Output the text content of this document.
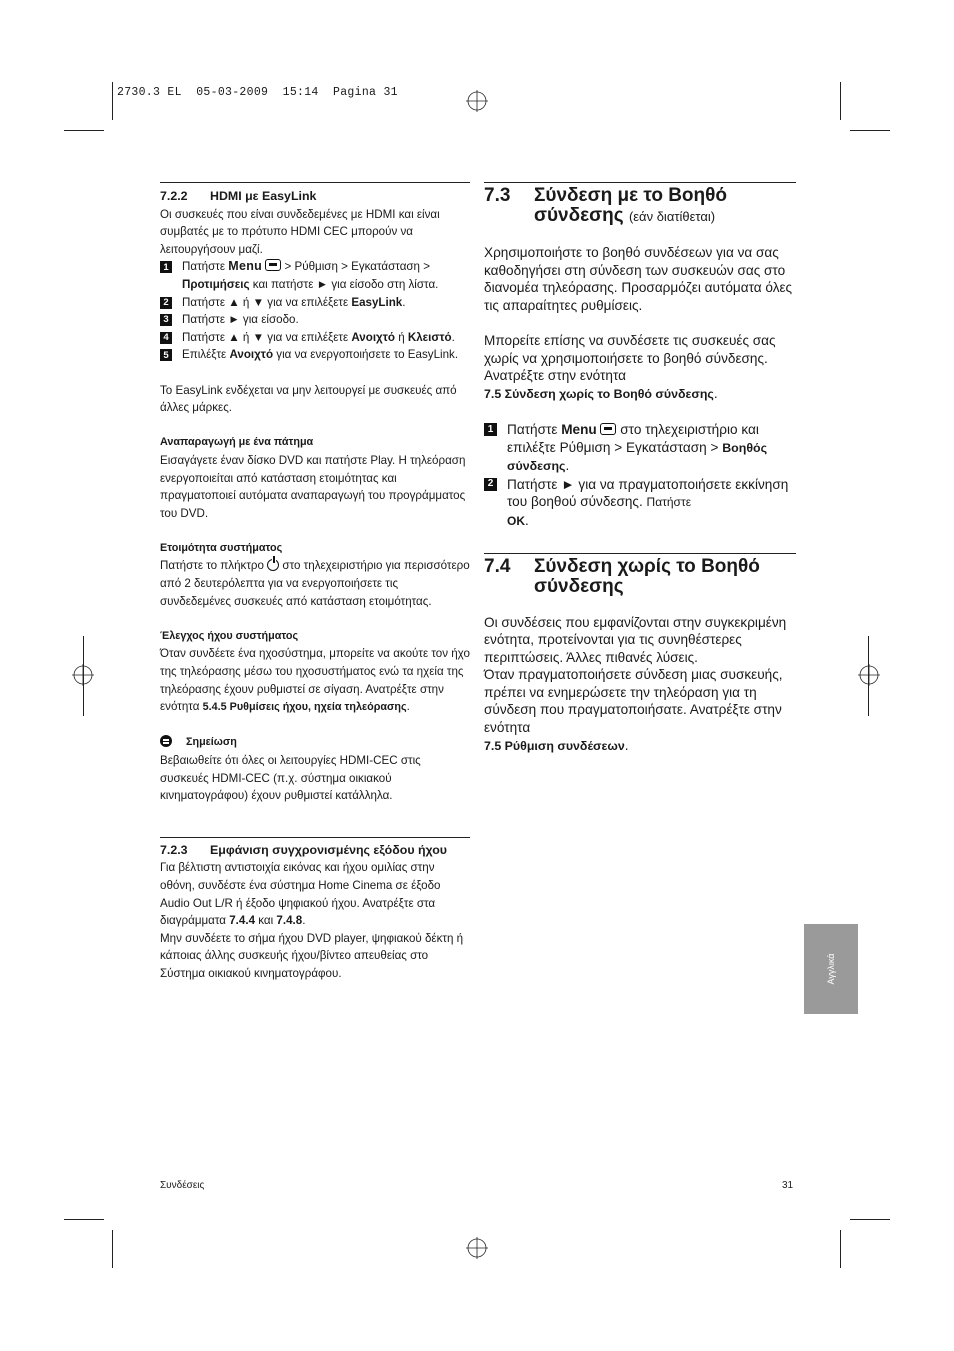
2730.3 EL  05-03-2009  15:14  Pagina 31
7.2.2	HDMI με EasyLink

Οι συσκευές που είναι συνδεδεμένες με HDMI και είναι συμβατές με το πρότυπο HDMI CEC μπορούν να λειτουργήσουν μαζί.

1 Πατήστε Menu  > Ρύθμιση > Εγκατάσταση > Προτιμήσεις και πατήστε ► για είσοδο στη λίστα.
2 Πατήστε ▲ ή ▼ για να επιλέξετε EasyLink.
3 Πατήστε ► για είσοδο.
4 Πατήστε ▲ ή ▼ για να επιλέξετε Ανοιχτό ή Κλειστό.
5 Επιλέξτε Ανοιχτό για να ενεργοποιήσετε το EasyLink.

Το EasyLink ενδέχεται να μην λειτουργεί με συσκευές από άλλες μάρκες.

Αναπαραγωγή με ένα πάτημα

Εισαγάγετε έναν δίσκο DVD και πατήστε Play. Η τηλεόραση ενεργοποιείται από κατάσταση ετοιμότητας και πραγματοποιεί αυτόματα αναπαραγωγή του προγράμματος του DVD.

Ετοιμότητα συστήματος

Πατήστε το πλήκτρο  στο τηλεχειριστήριο για περισσότερο από 2 δευτερόλεπτα για να ενεργοποιήσετε τις συνδεδεμένες συσκευές από κατάσταση ετοιμότητας.

Έλεγχος ήχου συστήματος

Όταν συνδέετε ένα ηχοσύστημα, μπορείτε να ακούτε τον ήχο της τηλεόρασης μέσω του ηχοσυστήματος ενώ τα ηχεία της τηλεόρασης έχουν ρυθμιστεί σε σίγαση. Ανατρέξτε στην ενότητα 5.4.5 Ρυθμίσεις ήχου, ηχεία τηλεόρασης.

Σημείωση

Βεβαιωθείτε ότι όλες οι λειτουργίες HDMI-CEC στις συσκευές HDMI-CEC (π.χ. σύστημα οικιακού κινηματογράφου) έχουν ρυθμιστεί κατάλληλα.

7.2.3	Εμφάνιση συγχρονισμένης εξόδου ήχου

Για βέλτιστη αντιστοιχία εικόνας και ήχου ομιλίας στην οθόνη, συνδέστε ένα σύστημα Home Cinema σε έξοδο Audio Out L/R ή έξοδο ψηφιακού ήχου. Ανατρέξτε στα διαγράμματα 7.4.4 και 7.4.8.

Μην συνδέετε το σήμα ήχου DVD player, ψηφιακού δέκτη ή κάποιας άλλης συσκευής ήχου/βίντεο απευθείας στο Σύστημα οικιακού κινηματογράφου.

7.3	Σύνδεση με το Βοηθό
σύνδεσης (εάν διατίθεται)

Χρησιμοποιήστε το βοηθό συνδέσεων για να σας καθοδηγήσει στη σύνδεση των συσκευών σας στο διανομέα τηλεόρασης. Προσαρμόζει αυτόματα όλες τις απαραίτητες ρυθμίσεις.

Μπορείτε επίσης να συνδέσετε τις συσκευές σας χωρίς να χρησιμοποιήσετε το βοηθό σύνδεσης. Ανατρέξτε στην ενότητα
7.5 Σύνδεση χωρίς το Βοηθό σύνδεσης.

1 Πατήστε Menu  στο τηλεχειριστήριο και επιλέξτε Ρύθμιση > Εγκατάσταση > Βοηθός σύνδεσης.
2 Πατήστε ► για να πραγματοποιήσετε εκκίνηση του βοηθού σύνδεσης. Πατήστε
OK.
7.4	Σύνδεση χωρίς το Βοηθό
σύνδεσης

Οι συνδέσεις που εμφανίζονται στην συγκεκριμένη ενότητα, προτείνονται για τις συνηθέστερες περιπτώσεις. Άλλες πιθανές λύσεις.

Όταν πραγματοποιήσετε σύνδεση μιας συσκευής, πρέπει να ενημερώσετε την τηλεόραση για τη σύνδεση που πραγματοποιήσατε. Ανατρέξτε στην ενότητα
7.5 Ρύθμιση συνδέσεων.

Αγγλικά
Συνδέσεις	31
